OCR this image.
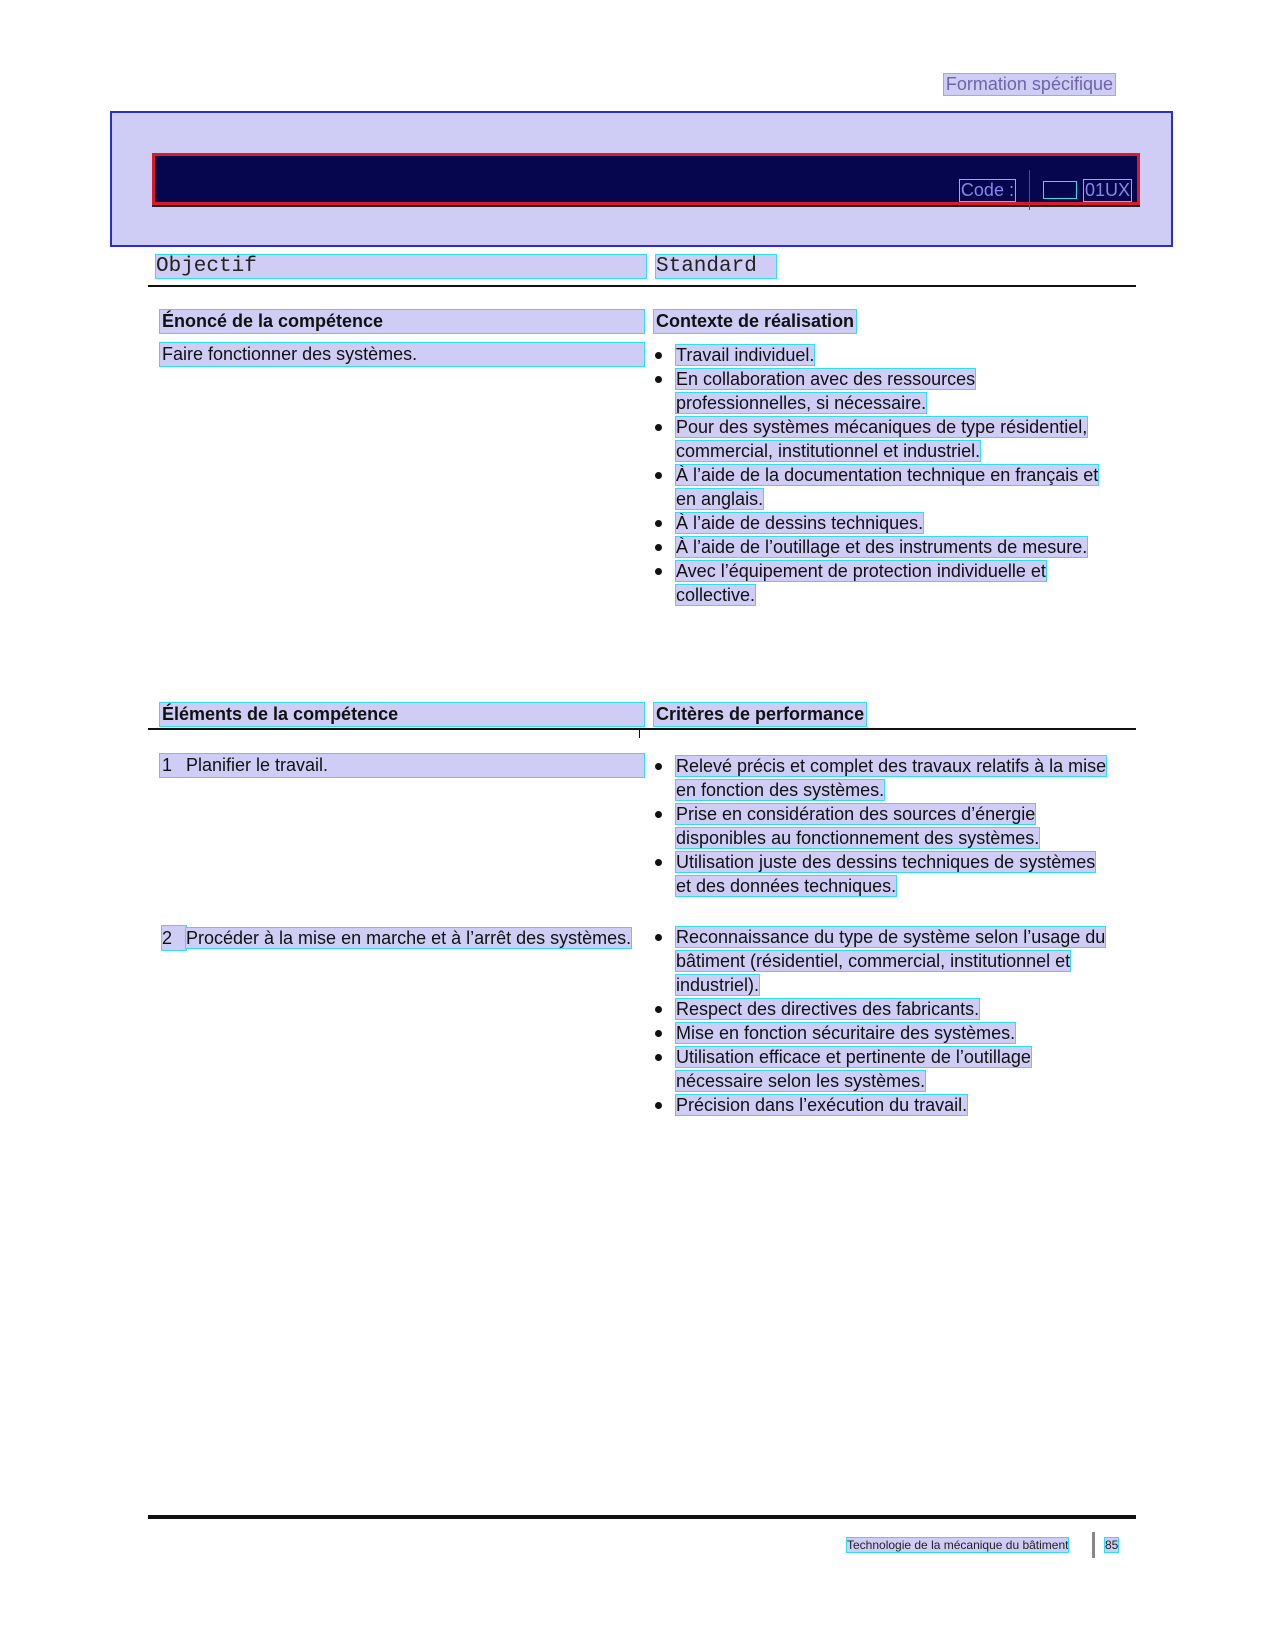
Formation spécifique
Code :	01UX
Objectif	Standard
Énoncé de la compétence	Contexte de réalisation
Faire fonctionner des systèmes.	Travail individuel.
En collaboration avec des ressources professionnelles, si nécessaire.
Pour des systèmes mécaniques de type résidentiel, commercial, institutionnel et industriel.
À l’aide de la documentation technique en français et en anglais.
À l’aide de dessins techniques.
À l’aide de l’outillage et des instruments de mesure.
Avec l’équipement de protection individuelle et collective.
Éléments de la compétence	Critères de performance
1 Planifier le travail.	Relevé précis et complet des travaux relatifs à la mise en fonction des systèmes.
Prise en considération des sources d’énergie disponibles au fonctionnement des systèmes.
Utilisation juste des dessins techniques de systèmes et des données techniques.
2 Procéder à la mise en marche et à l’arrêt des systèmes.	Reconnaissance du type de système selon l’usage du bâtiment (résidentiel, commercial, institutionnel et industriel).
Respect des directives des fabricants.
Mise en fonction sécuritaire des systèmes.
Utilisation efficace et pertinente de l’outillage nécessaire selon les systèmes.
Précision dans l’exécution du travail.
Technologie de la mécanique du bâtiment	85
